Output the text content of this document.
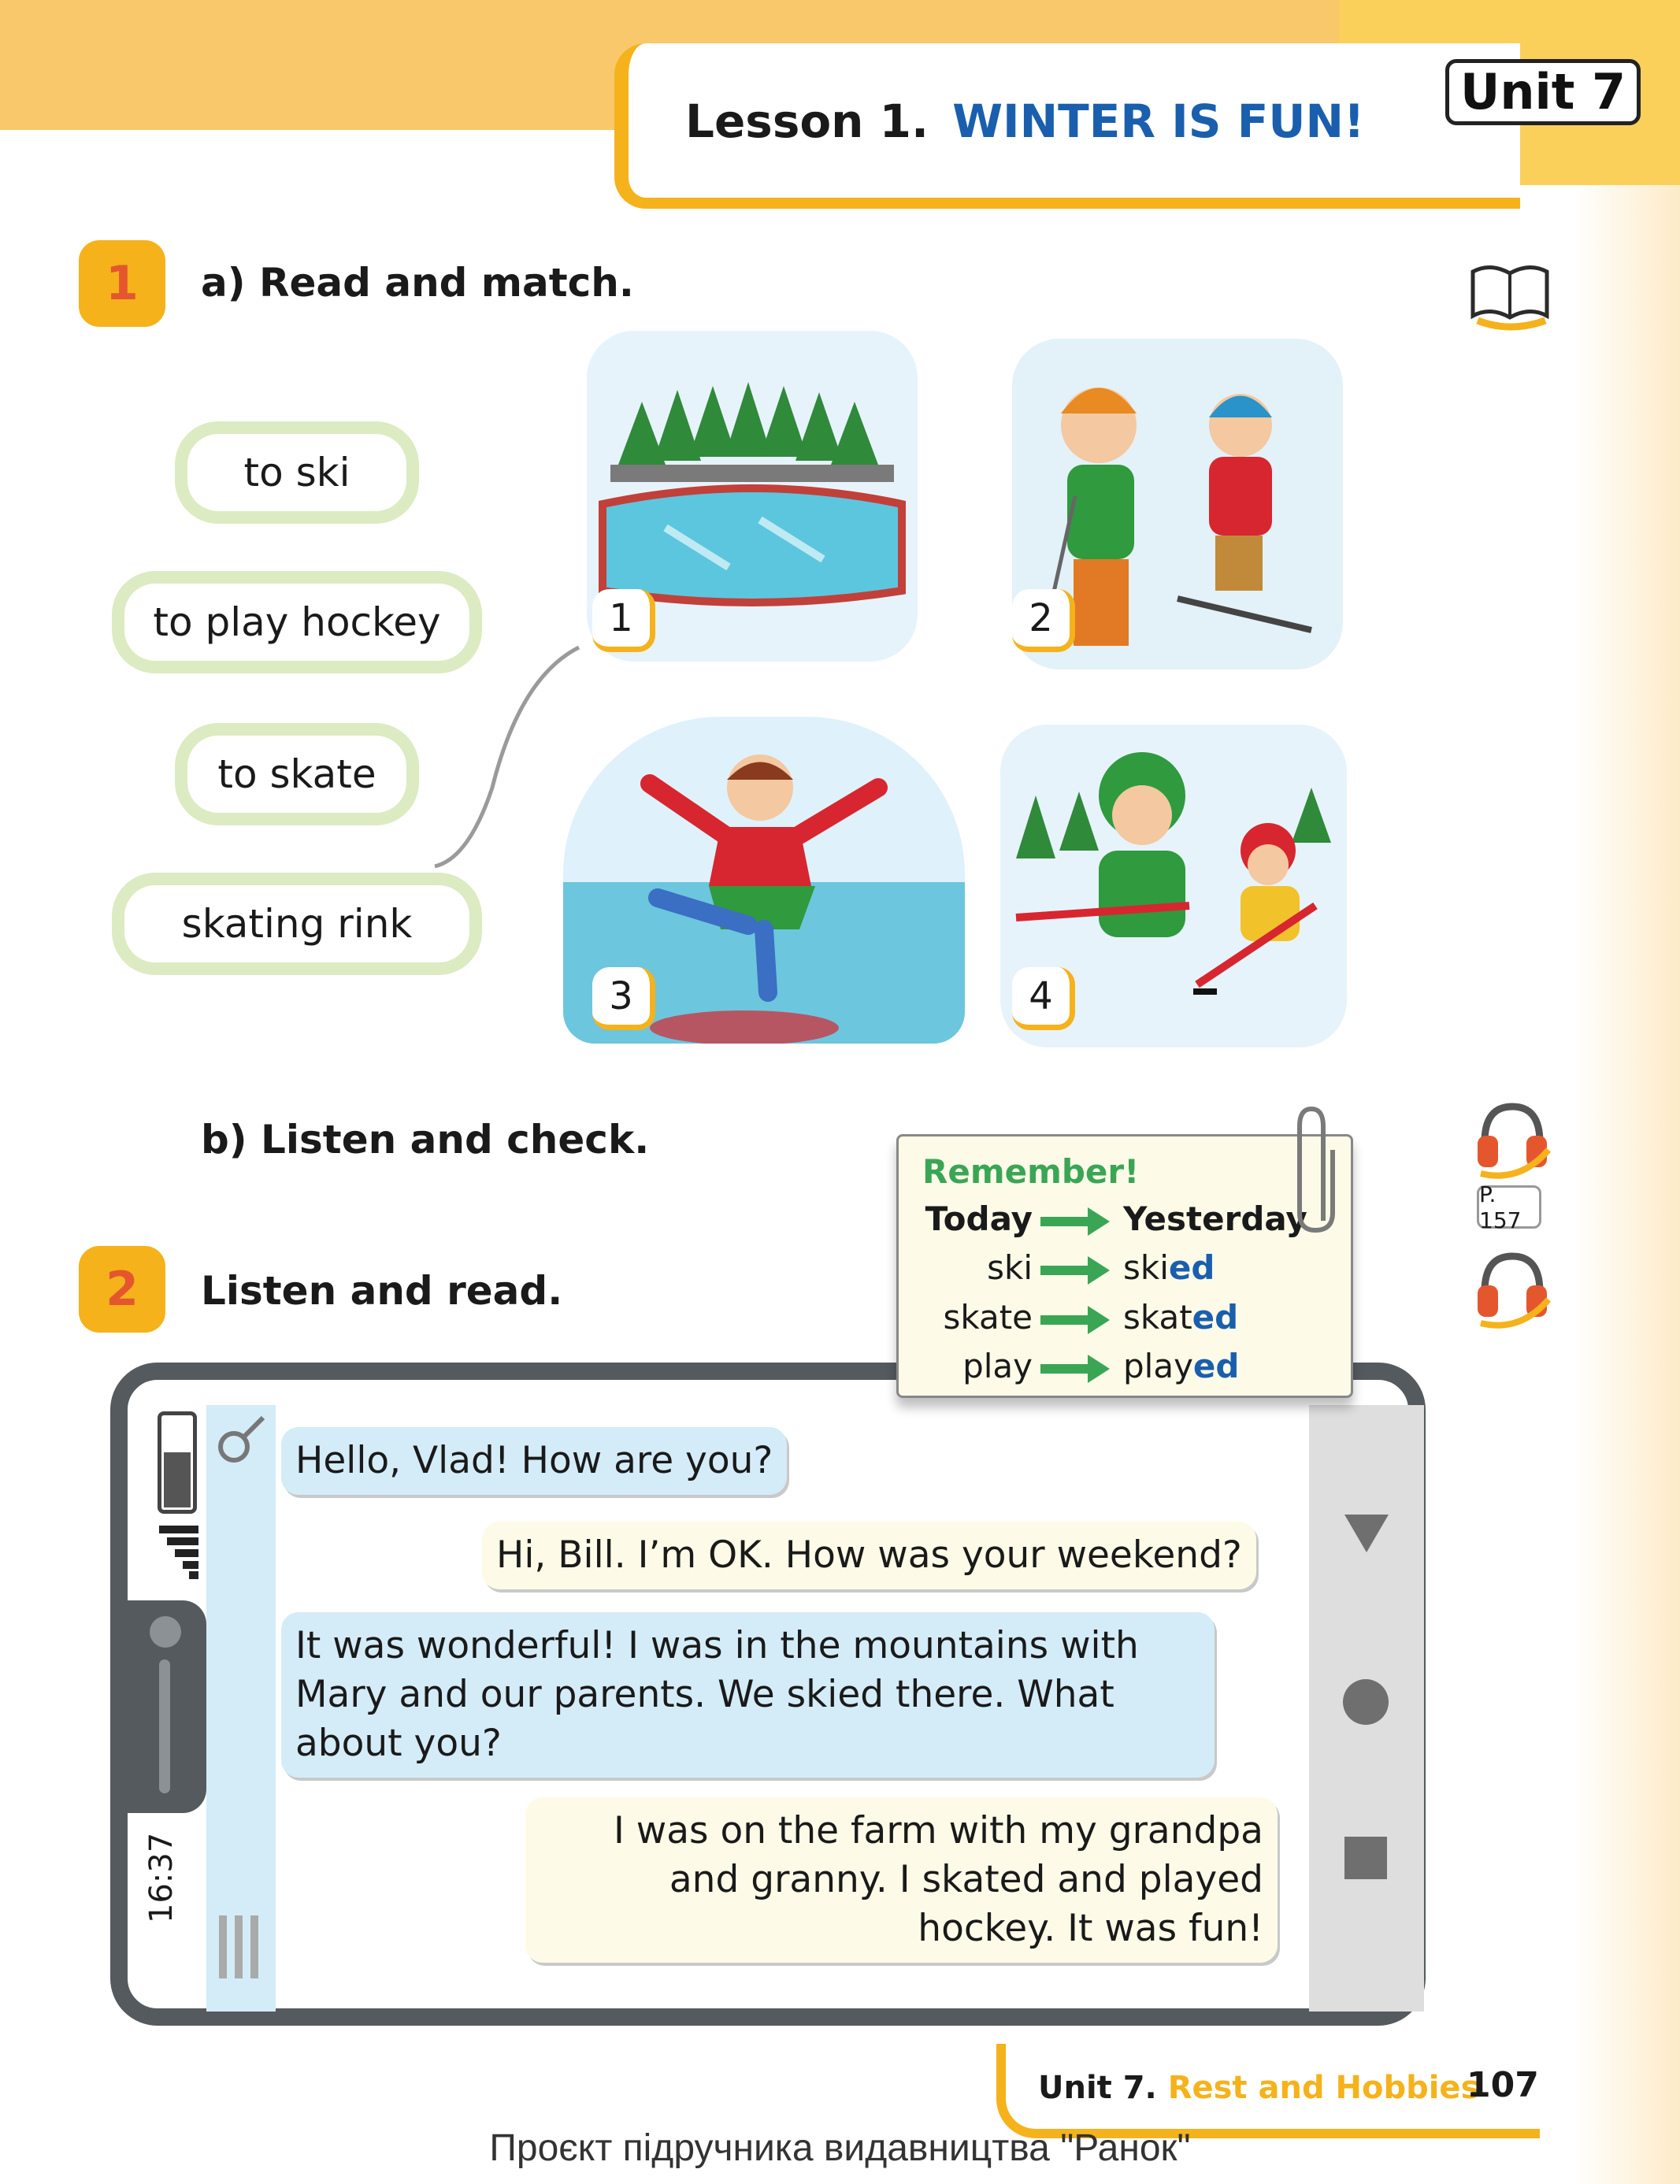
Lesson 1. WINTER IS FUN!
Unit 7
1	a) Read and match.
to ski
to play hockey
to skate
skating rink
1	2
3	4
b) Listen and check.
P. 157
2	Listen and read.
16:37
Hello, Vlad! How are you?
Hi, Bill. I’m OK. How was your weekend?
It was wonderful! I was in the mountains with Mary and our parents. We skied there. What about you?
I was on the farm with my grandpa and granny. I skated and played hockey. It was fun!
Remember!
Today	Yesterday
ski	skied
skate	skated
play	played
Unit 7. Rest and Hobbies
107
Проєкт підручника видавництва "Ранок"
